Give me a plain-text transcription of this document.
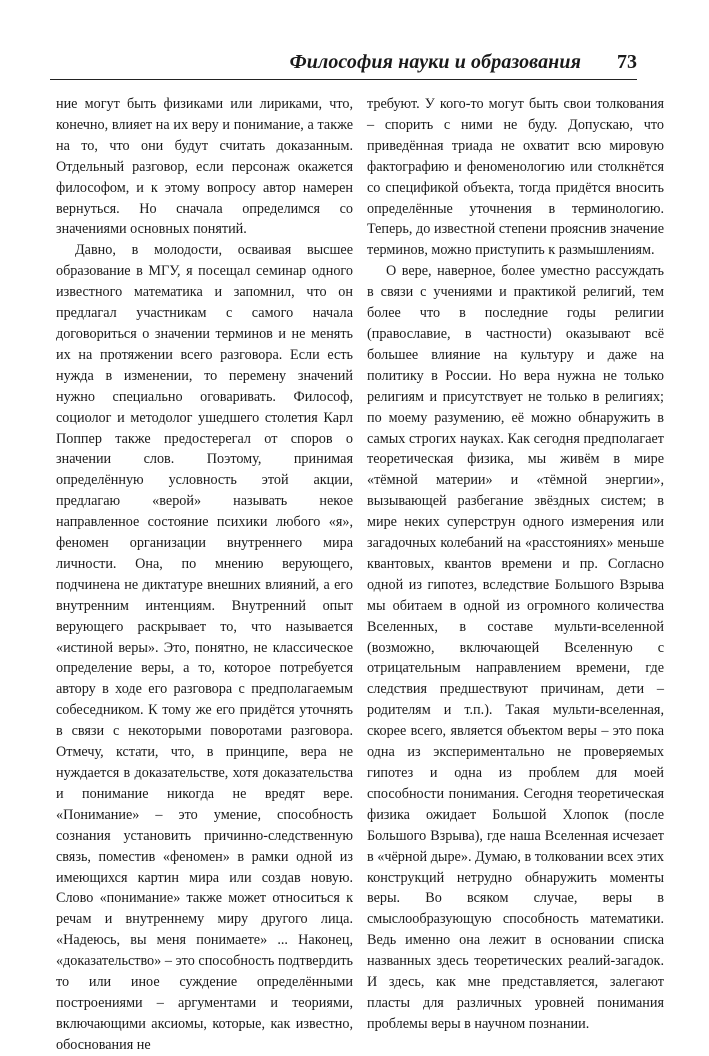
Философия науки и образования 73

ние могут быть физиками или лириками, что, конечно, влияет на их веру и понимание, а также на то, что они будут считать доказанным. Отдельный разговор, если персонаж окажется философом, и к этому вопросу автор намерен вернуться. Но сначала определимся со значениями основных понятий.

Давно, в молодости, осваивая высшее образование в МГУ, я посещал семинар одного известного математика и запомнил, что он предлагал участникам с самого начала договориться о значении терминов и не менять их на протяжении всего разговора. Если есть нужда в изменении, то перемену значений нужно специально оговаривать. Философ, социолог и методолог ушедшего столетия Карл Поппер также предостерегал от споров о значении слов. Поэтому, принимая определённую условность этой акции, предлагаю «верой» называть некое направленное состояние психики любого «я», феномен организации внутреннего мира личности. Она, по мнению верующего, подчинена не диктатуре внешних влияний, а его внутренним интенциям. Внутренний опыт верующего раскрывает то, что называется «истиной веры». Это, понятно, не классическое определение веры, а то, которое потребуется автору в ходе его разговора с предполагаемым собеседником. К тому же его придётся уточнять в связи с некоторыми поворотами разговора. Отмечу, кстати, что, в принципе, вера не нуждается в доказательстве, хотя доказательства и понимание никогда не вредят вере. «Понимание» – это умение, способность сознания установить причинно-следственную связь, поместив «феномен» в рамки одной из имеющихся картин мира или создав новую. Слово «понимание» также может относиться к речам и внутреннему миру другого лица. «Надеюсь, вы меня понимаете» ... Наконец, «доказательство» – это способность подтвердить то или иное суждение определёнными построениями – аргументами и теориями, включающими аксиомы, которые, как известно, обоснования не

требуют. У кого-то могут быть свои толкования – спорить с ними не буду. Допускаю, что приведённая триада не охватит всю мировую фактографию и феноменологию или столкнётся со спецификой объекта, тогда придётся вносить определённые уточнения в терминологию. Теперь, до известной степени прояснив значение терминов, можно приступить к размышлениям.

О вере, наверное, более уместно рассуждать в связи с учениями и практикой религий, тем более что в последние годы религии (православие, в частности) оказывают всё большее влияние на культуру и даже на политику в России. Но вера нужна не только религиям и присутствует не только в религиях; по моему разумению, её можно обнаружить в самых строгих науках. Как сегодня предполагает теоретическая физика, мы живём в мире «тёмной материи» и «тёмной энергии», вызывающей разбегание звёздных систем; в мире неких суперструн одного измерения или загадочных колебаний на «расстояниях» меньше квантовых, квантов времени и пр. Согласно одной из гипотез, вследствие Большого Взрыва мы обитаем в одной из огромного количества Вселенных, в составе мульти-вселенной (возможно, включающей Вселенную с отрицательным направлением времени, где следствия предшествуют причинам, дети – родителям и т.п.). Такая мульти-вселенная, скорее всего, является объектом веры – это пока одна из экспериментально не проверяемых гипотез и одна из проблем для моей способности понимания. Сегодня теоретическая физика ожидает Большой Хлопок (после Большого Взрыва), где наша Вселенная исчезает в «чёрной дыре». Думаю, в толковании всех этих конструкций нетрудно обнаружить моменты веры. Во всяком случае, веры в смыслообразующую способность математики. Ведь именно она лежит в основании списка названных здесь теоретических реалий-загадок. И здесь, как мне представляется, залегают пласты для различных уровней понимания проблемы веры в научном познании.
